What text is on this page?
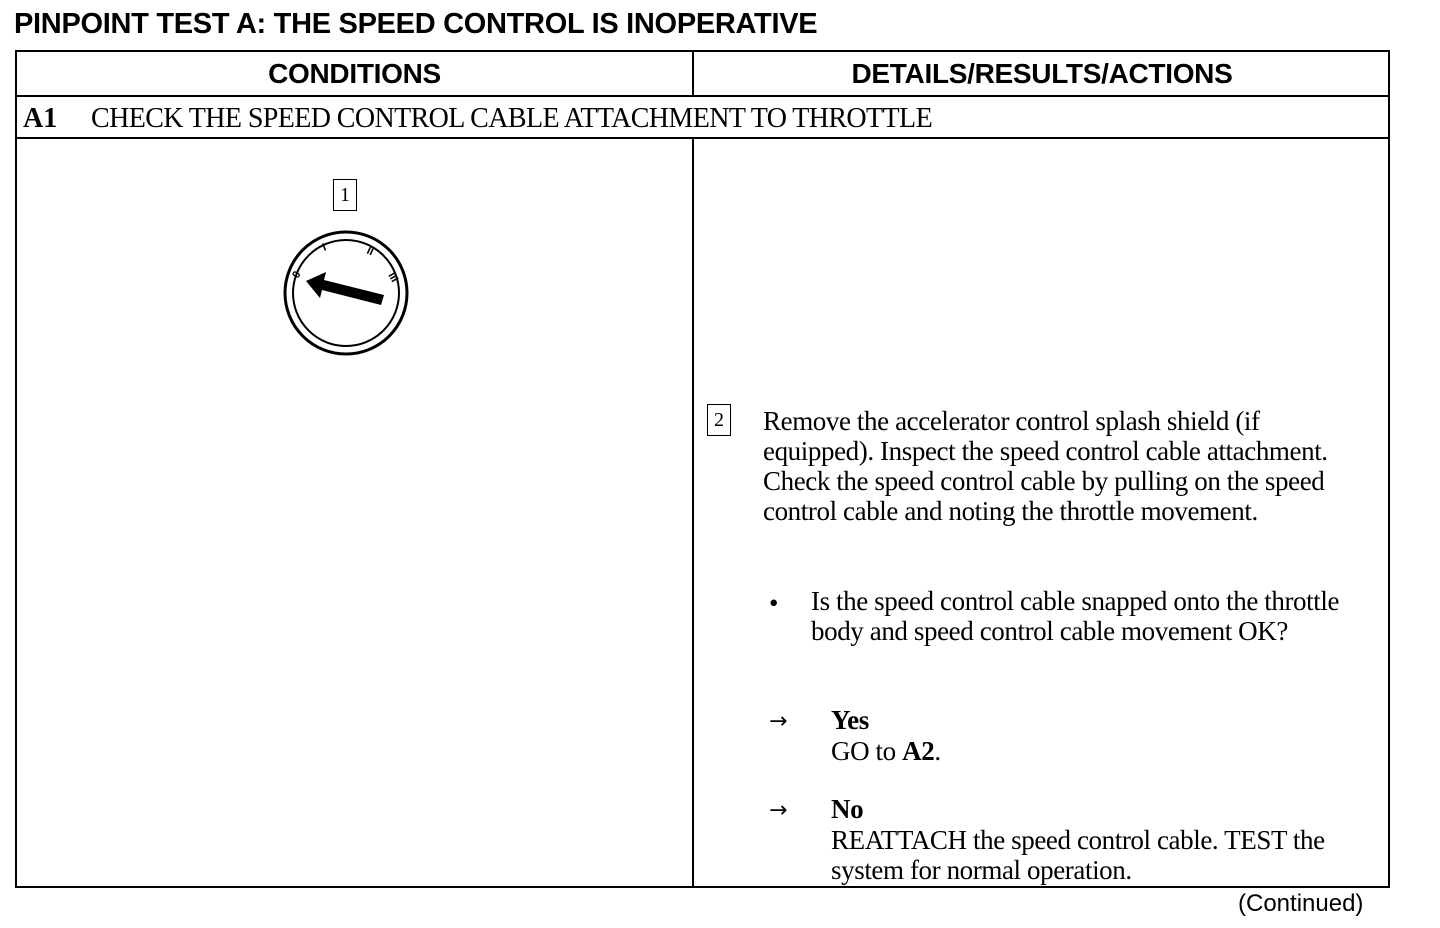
PINPOINT TEST A: THE SPEED CONTROL IS INOPERATIVE
CONDITIONS	DETAILS/RESULTS/ACTIONS
A1 CHECK THE SPEED CONTROL CABLE ATTACHMENT TO THROTTLE
1
0
I	II
III
2 Remove the accelerator control splash shield (if equipped). Inspect the speed control cable attachment. Check the speed control cable by pulling on the speed control cable and noting the throttle movement.
• Is the speed control cable snapped onto the throttle body and speed control cable movement OK?
→ Yes
GO to A2.
→ No
REATTACH the speed control cable. TEST the system for normal operation.
(Continued)
